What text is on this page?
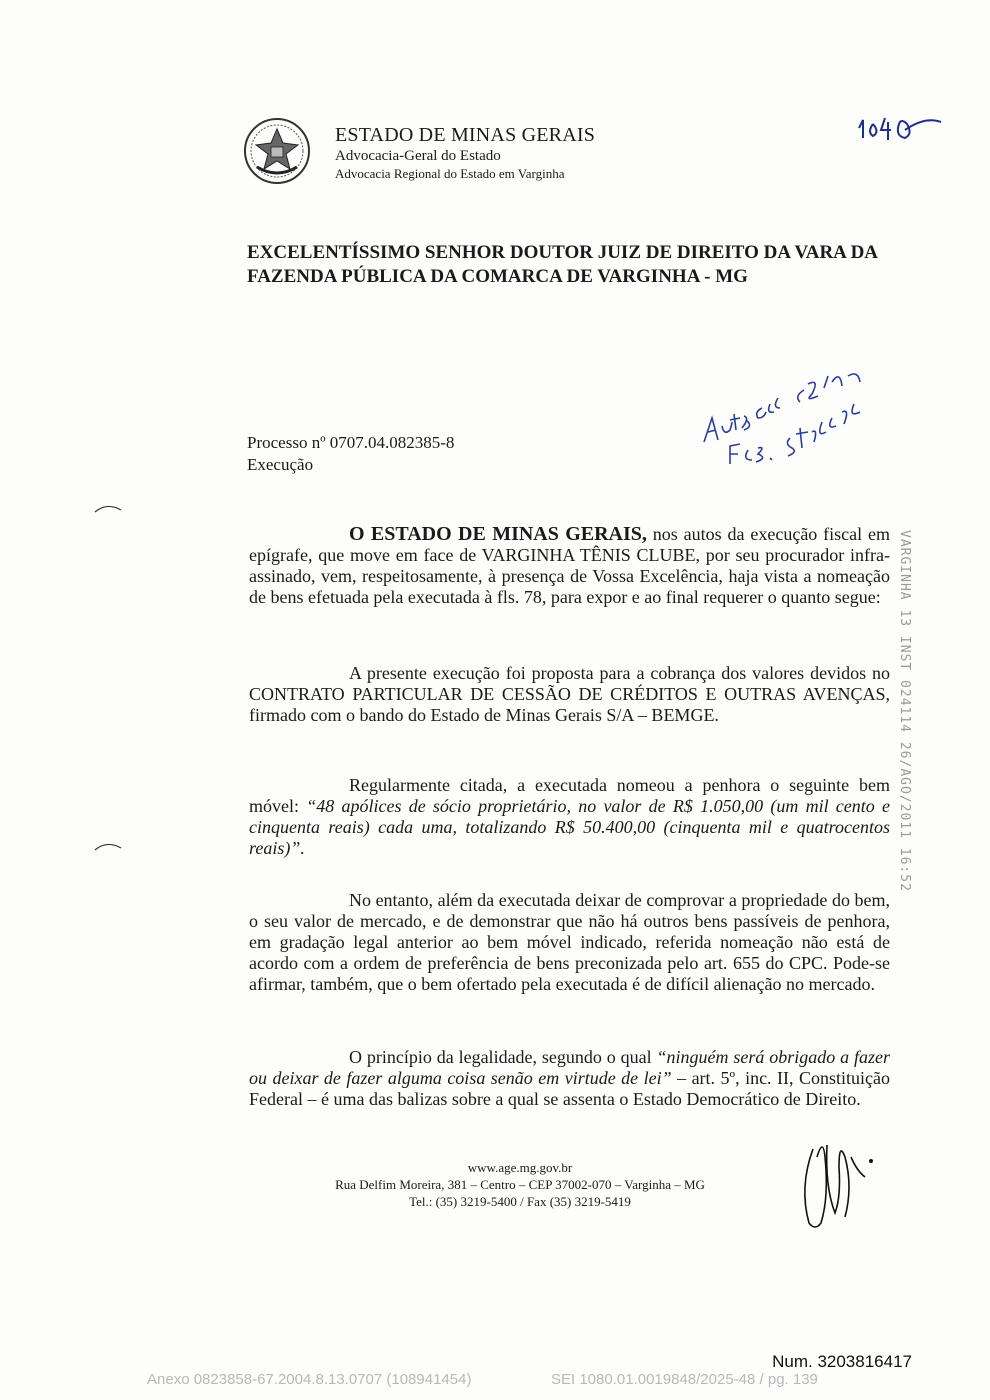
ESTADO DE MINAS GERAIS
Advocacia-Geral do Estado
Advocacia Regional do Estado em Varginha
EXCELENTÍSSIMO SENHOR DOUTOR JUIZ DE DIREITO DA VARA DA FAZENDA PÚBLICA DA COMARCA DE VARGINHA - MG
Processo nº 0707.04.082385-8
Execução
O ESTADO DE MINAS GERAIS, nos autos da execução fiscal em epígrafe, que move em face de VARGINHA TÊNIS CLUBE, por seu procurador infra-assinado, vem, respeitosamente, à presença de Vossa Excelência, haja vista a nomeação de bens efetuada pela executada à fls. 78, para expor e ao final requerer o quanto segue:
A presente execução foi proposta para a cobrança dos valores devidos no CONTRATO PARTICULAR DE CESSÃO DE CRÉDITOS E OUTRAS AVENÇAS, firmado com o bando do Estado de Minas Gerais S/A – BEMGE.
Regularmente citada, a executada nomeou a penhora o seguinte bem móvel: “48 apólices de sócio proprietário, no valor de R$ 1.050,00 (um mil cento e cinquenta reais) cada uma, totalizando R$ 50.400,00 (cinquenta mil e quatrocentos reais)”.
No entanto, além da executada deixar de comprovar a propriedade do bem, o seu valor de mercado, e de demonstrar que não há outros bens passíveis de penhora, em gradação legal anterior ao bem móvel indicado, referida nomeação não está de acordo com a ordem de preferência de bens preconizada pelo art. 655 do CPC. Pode-se afirmar, também, que o bem ofertado pela executada é de difícil alienação no mercado.
O princípio da legalidade, segundo o qual “ninguém será obrigado a fazer ou deixar de fazer alguma coisa senão em virtude de lei” – art. 5º, inc. II, Constituição Federal – é uma das balizas sobre a qual se assenta o Estado Democrático de Direito.
VARGINHA 13 INST 024114 26/AGO/2011 16:52
www.age.mg.gov.br
Rua Delfim Moreira, 381 – Centro – CEP 37002-070 – Varginha – MG
Tel.: (35) 3219-5400 / Fax (35) 3219-5419
Num. 3203816417
Anexo 0823858-67.2004.8.13.0707 (108941454)	SEI 1080.01.0019848/2025-48 / pg. 139
